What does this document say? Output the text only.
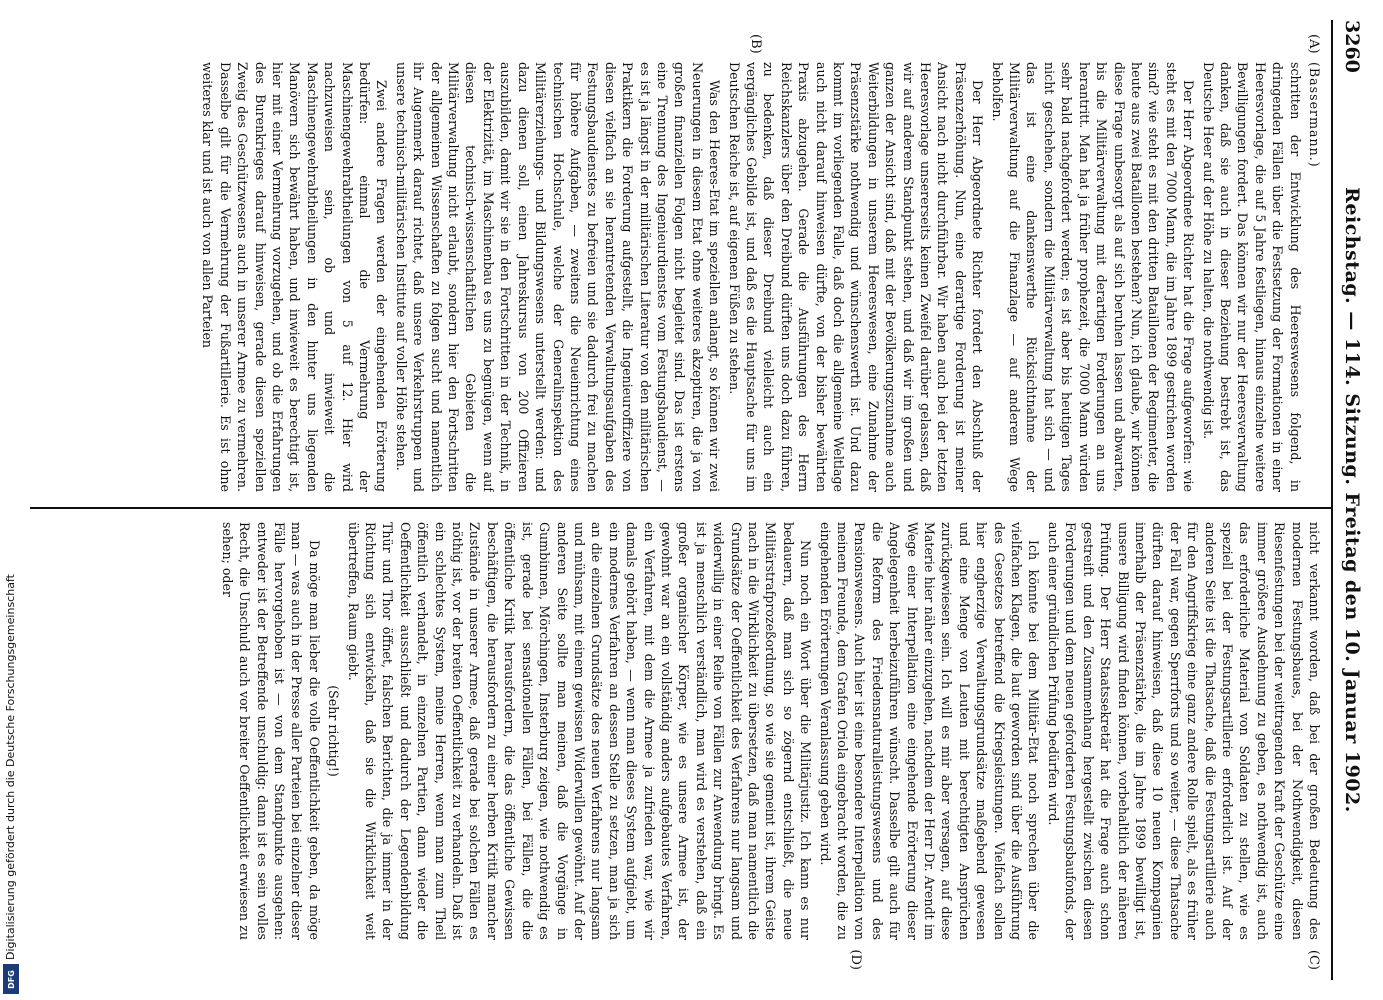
Digitalisierung gefördert durch die Deutsche Forschungsgemeinschaft
DFG
3260
Reichstag. — 114. Sitzung. Freitag den 10. Januar 1902.
(A)
(B)
(C)
(D)

(Bassermann.)

schritten der Entwicklung des Heereswesens folgend, in dringenden Fällen über die Festsetzung der Formationen in einer Heeresvorlage, die auf 5 Jahre festliegen, hinaus einzelne weitere Bewilligungen fordert. Das können wir nur der Heeresverwaltung danken, daß sie auch in dieser Beziehung bestrebt ist, das Deutsche Heer auf der Höhe zu halten, die nothwendig ist.

Der Herr Abgeordnete Richter hat die Frage aufgeworfen: wie steht es mit den 7000 Mann, die im Jahre 1899 gestrichen worden sind? wie steht es mit den dritten Bataillonen der Regimenter, die heute aus zwei Bataillonen bestehen? Nun, ich glaube, wir können diese Frage unbesorgt als auf sich beruhen lassen und abwarten, bis die Militärverwaltung mit derartigen Forderungen an uns herantritt. Man hat ja früher prophezeit, die 7000 Mann würden sehr bald nachgefordert werden; es ist aber bis heutigen Tages nicht geschehen, sondern die Militärverwaltung hat sich — und das ist eine dankenswerthe Rücksichtnahme der Militärverwaltung auf die Finanzlage — auf anderem Wege beholfen.

Der Herr Abgeordnete Richter fordert den Abschluß der Präsenzerhöhung. Nun, eine derartige Forderung ist meiner Ansicht nach nicht durchführbar. Wir haben auch bei der letzten Heeresvorlage unsererseits keinen Zweifel darüber gelassen, daß wir auf anderem Standpunkt stehen, und daß wir im großen und ganzen der Ansicht sind, daß mit der Bevölkerungszunahme auch Weiterbildungen in unserem Heereswesen, eine Zunahme der Präsenzstärke nothwendig und wünschenswerth ist. Und dazu kommt im vorliegenden Falle, daß doch die allgemeine Weltlage auch nicht darauf hinweisen dürfte, von der bisher bewährten Praxis abzugehen. Gerade die Ausführungen des Herrn Reichskanzlers über den Dreibund dürften uns doch dazu führen, zu bedenken, daß dieser Dreibund vielleicht auch ein vergängliches Gebilde ist, und daß es die Hauptsache für uns im Deutschen Reiche ist, auf eigenen Füßen zu stehen.

Was den Heeres-Etat im speziellen anlangt, so können wir zwei Neuerungen in diesem Etat ohne weiteres akzeptiren, die ja von großen finanziellen Folgen nicht begleitet sind. Das ist erstens eine Trennung des Ingenieurdienstes vom Festungsbaudienst, — es ist ja längst in der militärischen Literatur von den militärischen Praktikern die Forderung aufgestellt, die Ingenieuroffiziere von diesen vielfach an sie herantretenden Verwaltungsaufgaben des Festungsbaudienstes zu befreien und sie dadurch frei zu machen für höhere Aufgaben, — zweitens die Neueinrichtung eines technischen Hochschule, welche der Generalinspektion des Militärerziehungs- und Bildungswesens unterstellt werden: und dazu dienen soll, einen Jahreskursus von 200 Offizieren auszubilden, damit wir sie in den Fortschritten in der Technik, in der Elektrizität, im Maschinenbau es uns zu begnügen, wenn auf diesen technisch-wissenschaftlichen Gebieten die Militärverwaltung nicht erlaubt, sondern hier den Fortschritten der allgemeinen Wissenschaften zu folgen sucht und namentlich ihr Augenmerk darauf richtet, daß unsere Verkehrstruppen und unsere technisch-militärischen Institute auf voller Höhe stehen.

Zwei andere Fragen werden der eingehenden Erörterung bedürfen: einmal die Vermehrung der Maschinengewehrabtheilungen von 5 auf 12. Hier wird nachzuweisen sein, ob und inwieweit die Maschinengewehrabtheilungen in den hinter uns liegenden Manövern sich bewährt haben, und inwieweit es berechtigt ist, hier mit einer Vermehrung vorzugehen, und ob die Erfahrungen des Burenkrieges darauf hinweisen, gerade diesen speziellen Zweig des Geschützwesens auch in unserer Armee zu vermehren. Dasselbe gilt für die Vermehrung der Fußartillerie. Es ist ohne weiteres klar und ist auch von allen Parteien

nicht verkannt worden, daß bei der großen Bedeutung des modernen Festungsbaues, bei der Nothwendigkeit, diesen Riesenfestungen bei der weittragenden Kraft der Geschütze eine immer größere Ausdehnung zu geben, es nothwendig ist, auch das erforderliche Material von Soldaten zu stellen, wie es speziell bei der Festungsartillerie erforderlich ist. Auf der anderen Seite ist die Thatsache, daß die Festungsartillerie auch für den Angriffskrieg eine ganz andere Rolle spielt, als es früher der Fall war, gegen Sperrforts und so weiter, — diese Thatsache dürften darauf hinweisen, daß diese 10 neuen Kompagnien innerhalb der Präsenzstärke, die im Jahre 1899 bewilligt ist, unsere Billigung wird finden können, vorbehaltlich der näheren Prüfung. Der Herr Staatssekretär hat die Frage auch schon gestreift und den Zusammenhang hergestellt zwischen diesen Forderungen und dem neuen geforderten Festungsbaufonds, der auch einer gründlichen Prüfung bedürfen wird.

Ich könnte bei dem Militär-Etat noch sprechen über die vielfachen Klagen, die laut geworden sind über die Ausführung des Gesetzes betreffend die Kriegsleistungen. Vielfach sollen hier engherzige Verwaltungsgrundsätze maßgebend gewesen und eine Menge von Leuten mit berechtigten Ansprüchen zurückgewiesen sein. Ich will es mir aber versagen, auf diese Materie hier näher einzugehen, nachdem der Herr Dr. Arendt im Wege einer Interpellation eine eingehende Erörterung dieser Angelegenheit herbeizuführen wünscht. Dasselbe gilt auch für die Reform des Friedensnaturalleistungswesens und des Pensionswesens. Auch hier ist eine besondere Interpellation von meinem Freunde, dem Grafen Oriola eingebracht worden, die zu eingehenden Erörterungen Veranlassung geben wird.

Nun noch ein Wort über die Militärjustiz. Ich kann es nur bedauern, daß man sich so zögernd entschließt, die neue Militärstrafprozeßordnung, so wie sie gemeint ist, ihrem Geiste nach in die Wirklichkeit zu übersetzen, daß man namentlich die Grundsätze der Oeffentlichkeit des Verfahrens nur langsam und widerwillig in einer Reihe von Fällen zur Anwendung bringt. Es ist ja menschlich verständlich, man wird es verstehen, daß ein großer organischer Körper, wie es unsere Armee ist, der gewohnt war an ein vollständig anders aufgebautes Verfahren, ein Verfahren, mit dem die Armee ja zufrieden war, wie wir damals gehört haben, — wenn man dieses System aufgiebt, um ein modernes Verfahren an dessen Stelle zu setzen, man ja sich an die einzelnen Grundsätze des neuen Verfahrens nur langsam und mühsam, mit einem gewissen Widerwillen gewöhnt. Auf der anderen Seite sollte man meinen, daß die Vorgänge in Gumbinnen, Mörchingen, Insterburg zeigen, wie nothwendig es ist, gerade bei sensationellen Fällen, bei Fällen, die die öffentliche Kritik herausfordern, die das öffentliche Gewissen beschäftigen, die herausfordern zu einer herben Kritik mancher Zustände in unserer Armee, daß gerade bei solchen Fällen es nöthig ist, vor der breiten Oeffentlichkeit zu verhandeln. Daß ist ein schlechtes System, meine Herren, wenn man zum Theil öffentlich verhandelt, in einzelnen Partien, dann wieder die Oeffentlichkeit ausschließt und dadurch der Legendenbildung Thür und Thor öffnet, falschen Berichten, die ja immer in der Richtung sich entwickeln, daß sie die Wirklichkeit weit übertreffen, Raum giebt.

(Sehr richtig!)

Da möge man lieber die volle Oeffentlichkeit geben, da möge man — was auch in der Presse aller Parteien bei einzelner dieser Fälle hervorgehoben ist — von dem Standpunkte ausgehen: entweder ist der Betreffende unschuldig: dann ist es sein volles Recht, die Unschuld auch vor breiter Oeffentlichkeit erwiesen zu sehen; oder
